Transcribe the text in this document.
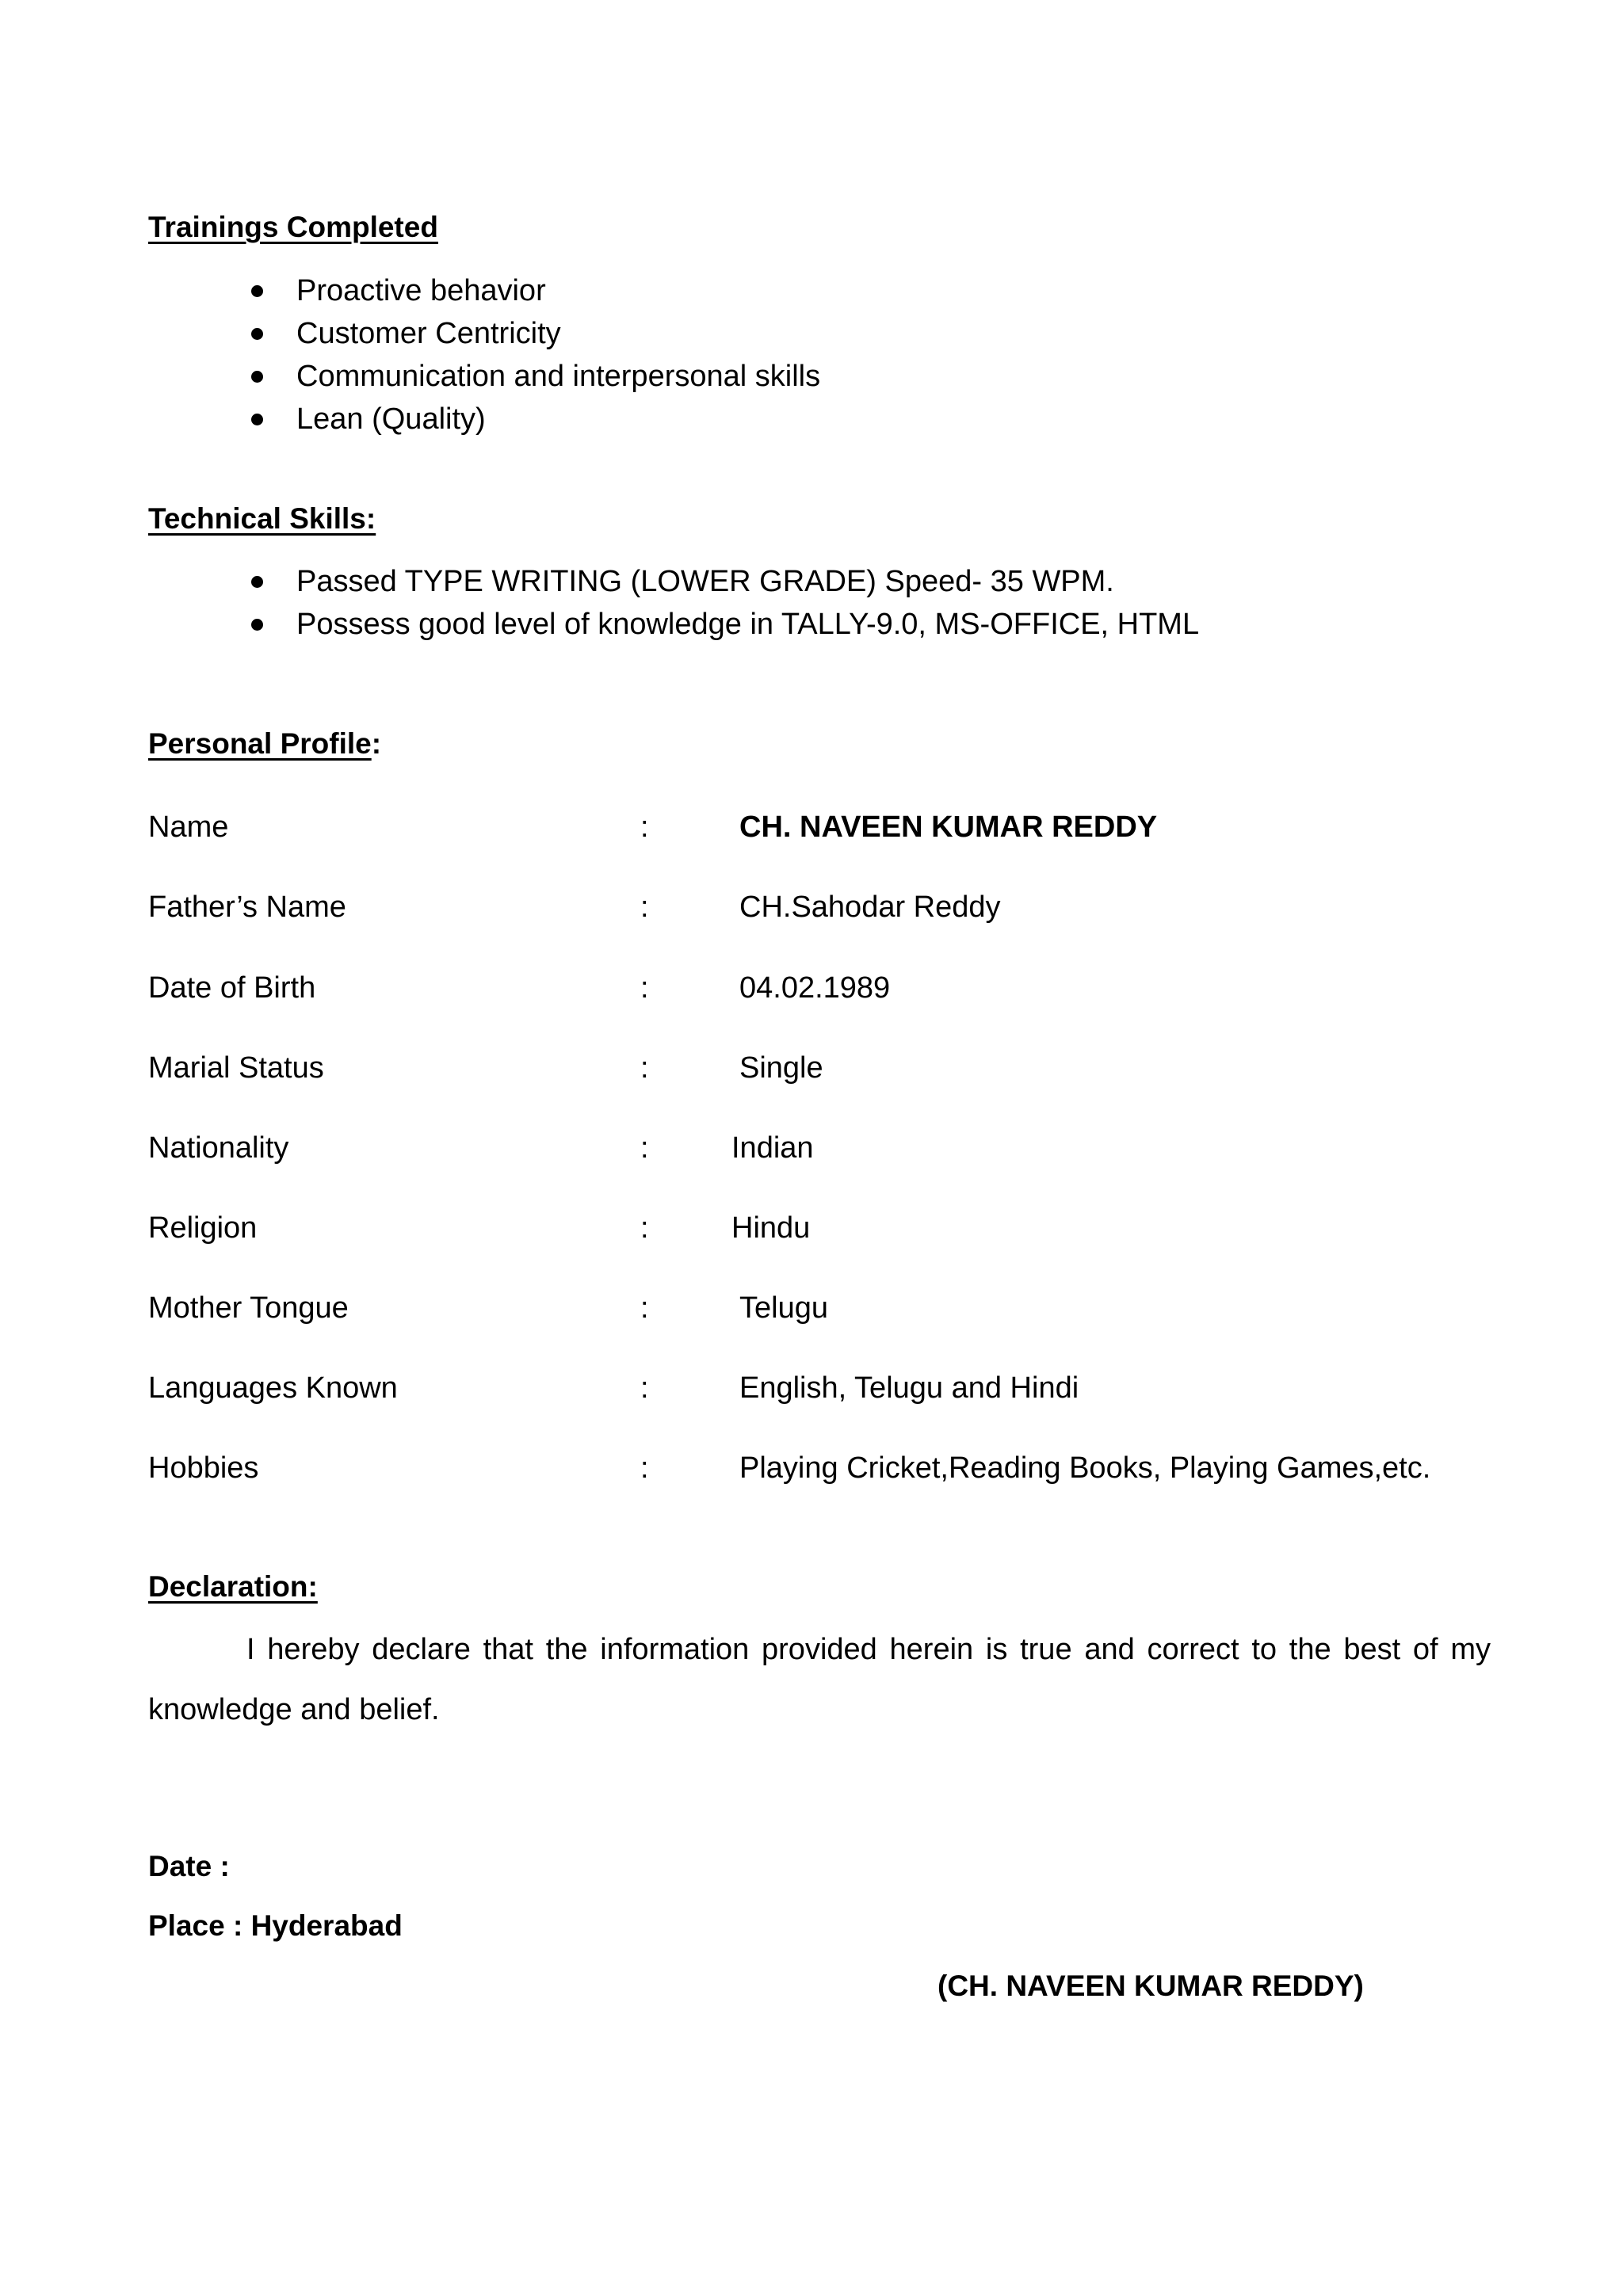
Trainings Completed
Proactive behavior
Customer Centricity
Communication and interpersonal skills
Lean (Quality)
Technical Skills:
Passed TYPE WRITING (LOWER GRADE) Speed- 35 WPM.
Possess good level of knowledge in TALLY-9.0, MS-OFFICE, HTML
Personal Profile:
Name	:	CH. NAVEEN KUMAR REDDY
Father’s Name	:	CH.Sahodar Reddy
Date of Birth	:	04.02.1989
Marial Status	:	Single
Nationality	:	Indian
Religion	:	Hindu
Mother Tongue	:	Telugu
Languages Known	:	English, Telugu and Hindi
Hobbies	:	Playing Cricket,Reading Books, Playing Games,etc.
Declaration:
I hereby declare that the information provided herein is true and correct to the best of my knowledge and belief.
Date :
Place : Hyderabad
(CH. NAVEEN KUMAR REDDY)
